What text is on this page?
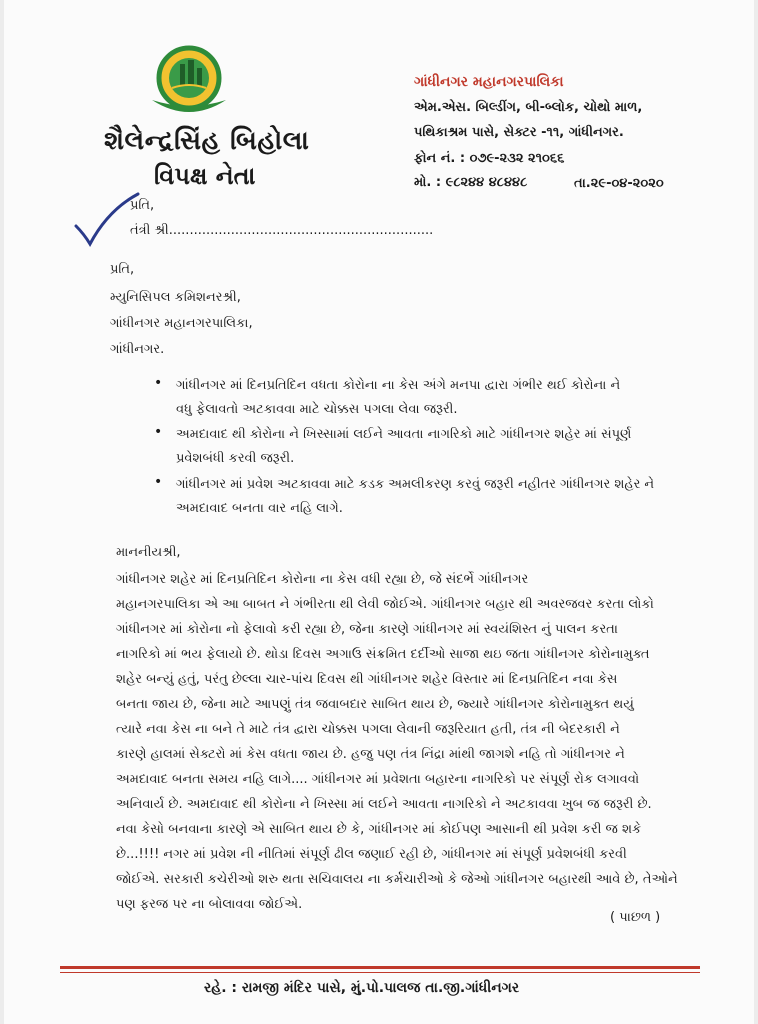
શૈલેન્દ્રસિંહ બિહોલા
વિપક્ષ નેતા
ગાંધીનગર મહાનગરપાલિકા
એમ.એસ. બિલ્ડીંગ, બી-બ્લોક, ચોથો માળ,
પથિકાશ્રમ પાસે, સેક્ટર -૧૧, ગાંધીનગર.
ફોન નં. : ૦૭૯-૨૩૨ ૨૧૦૬૬
મો. : ૯૮૨૪૪ ૪૮૪૪૮	તા.૨૯-૦૪-૨૦૨૦
પ્રતિ,
તંત્રી શ્રી................................................................
પ્રતિ,
મ્યુનિસિપલ કમિશનરશ્રી,
ગાંધીનગર મહાનગરપાલિકા,
ગાંધીનગર.
• ગાંધીનગર માં દિનપ્રતિદિન વધતા કોરોના ના કેસ અંગે મનપા દ્વારા ગંભીર થઈ કોરોના ને
વધુ ફેલાવતો અટકાવવા માટે ચોક્કસ પગલા લેવા જરૂરી.
• અમદાવાદ થી કોરોના ને ખિસ્સામાં લઈને આવતા નાગરિકો માટે ગાંધીનગર શહેર માં સંપૂર્ણ
પ્રવેશબંધી કરવી જરૂરી.
• ગાંધીનગર માં પ્રવેશ અટકાવવા માટે કડક અમલીકરણ કરવું જરૂરી નહીતર ગાંધીનગર શહેર ને
અમદાવાદ બનતા વાર નહિ લાગે.
માનનીયશ્રી,
ગાંધીનગર શહેર માં દિનપ્રતિદિન કોરોના ના કેસ વધી રહ્યા છે, જે સંદર્ભે ગાંધીનગર
મહાનગરપાલિકા એ આ બાબત ને ગંભીરતા થી લેવી જોઈએ. ગાંધીનગર બહાર થી અવરજવર કરતા લોકો
ગાંધીનગર માં કોરોના નો ફેલાવો કરી રહ્યા છે, જેના કારણે ગાંધીનગર માં સ્વયંશિસ્ત નું પાલન કરતા
નાગરિકો માં ભય ફેલાયો છે. થોડા દિવસ અગાઉ સંક્રમિત દર્દીઓ સાજા થઇ જતા ગાંધીનગર કોરોનામુક્ત
શહેર બન્યું હતું, પરંતુ છેલ્લા ચાર-પાંચ દિવસ થી ગાંધીનગર શહેર વિસ્તાર માં દિનપ્રતિદિન નવા કેસ
બનતા જાય છે, જેના માટે આપણું તંત્ર જવાબદાર સાબિત થાય છે, જ્યારે ગાંધીનગર કોરોનામુક્ત થયું
ત્યારે નવા કેસ ના બને તે માટે તંત્ર દ્વારા ચોક્કસ પગલા લેવાની જરૂરિયાત હતી, તંત્ર ની બેદરકારી ને
કારણે હાલમાં સેક્ટરો માં કેસ વધતા જાય છે. હજુ પણ તંત્ર નિંદ્રા માંથી જાગશે નહિ તો ગાંધીનગર ને
અમદાવાદ બનતા સમય નહિ લાગે.... ગાંધીનગર માં પ્રવેશતા બહારના નાગરિકો પર સંપૂર્ણ રોક લગાવવો
અનિવાર્ય છે. અમદાવાદ થી કોરોના ને ખિસ્સા માં લઈને આવતા નાગરિકો ને અટકાવવા ખુબ જ જરૂરી છે.
નવા કેસો બનવાના કારણે એ સાબિત થાય છે કે, ગાંધીનગર માં કોઈપણ આસાની થી પ્રવેશ કરી જ શકે
છે...!!!! નગર માં પ્રવેશ ની નીતિમાં સંપૂર્ણ ઢીલ જણાઈ રહી છે, ગાંધીનગર માં સંપૂર્ણ પ્રવેશબંધી કરવી
જોઈએ. સરકારી કચેરીઓ શરુ થતા સચિવાલય ના કર્મચારીઓ કે જેઓ ગાંધીનગર બહારથી આવે છે, તેઓને
પણ ફરજ પર ના બોલાવવા જોઈએ.
( પાછળ )
રહે. : રામજી મંદિર પાસે, મું.પો.પાલજ તા.જી.ગાંધીનગર
